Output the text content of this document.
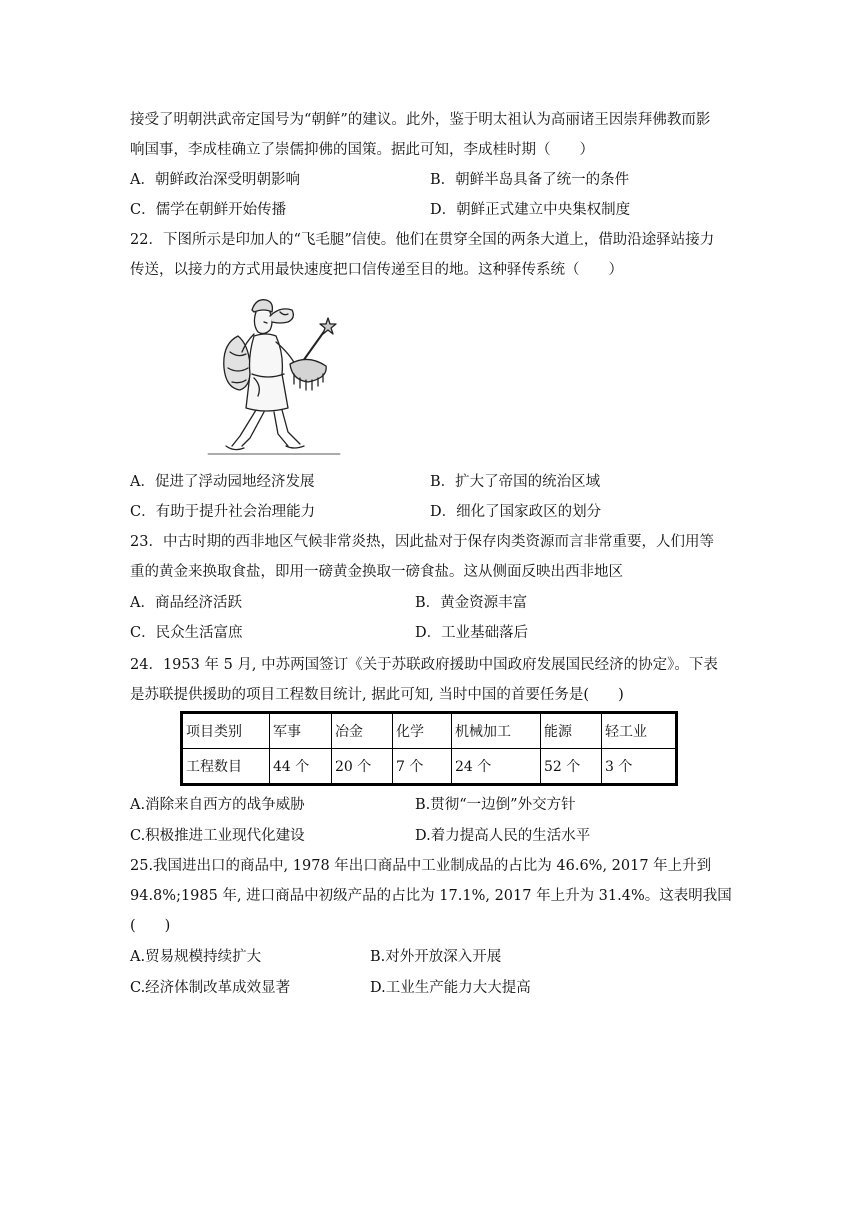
接受了明朝洪武帝定国号为“朝鲜”的建议。此外，鉴于明太祖认为高丽诸王因崇拜佛教而影
响国事，李成桂确立了崇儒抑佛的国策。据此可知，李成桂时期（　　）
A．朝鲜政治深受明朝影响	B．朝鲜半岛具备了统一的条件
C．儒学在朝鲜开始传播	D．朝鲜正式建立中央集权制度
22．下图所示是印加人的“飞毛腿”信使。他们在贯穿全国的两条大道上，借助沿途驿站接力
传送，以接力的方式用最快速度把口信传递至目的地。这种驿传系统（　　）
A．促进了浮动园地经济发展	B．扩大了帝国的统治区域
C．有助于提升社会治理能力	D．细化了国家政区的划分
23．中古时期的西非地区气候非常炎热，因此盐对于保存肉类资源而言非常重要，人们用等
重的黄金来换取食盐，即用一磅黄金换取一磅食盐。这从侧面反映出西非地区
A．商品经济活跃	B．黄金资源丰富
C．民众生活富庶	D．工业基础落后
24．1953 年 5 月, 中苏两国签订《关于苏联政府援助中国政府发展国民经济的协定》。下表
是苏联提供援助的项目工程数目统计, 据此可知, 当时中国的首要任务是(　　)
项目类别	军事	冶金	化学	机械加工	能源	轻工业
工程数目	44 个	20 个	7 个	24 个	52 个	3 个
A.消除来自西方的战争威胁	B.贯彻“一边倒”外交方针
C.积极推进工业现代化建设	D.着力提高人民的生活水平
25.我国进出口的商品中, 1978 年出口商品中工业制成品的占比为 46.6%, 2017 年上升到
94.8%;1985 年, 进口商品中初级产品的占比为 17.1%, 2017 年上升为 31.4%。这表明我国
(　　)
A.贸易规模持续扩大	B.对外开放深入开展
C.经济体制改革成效显著	D.工业生产能力大大提高
